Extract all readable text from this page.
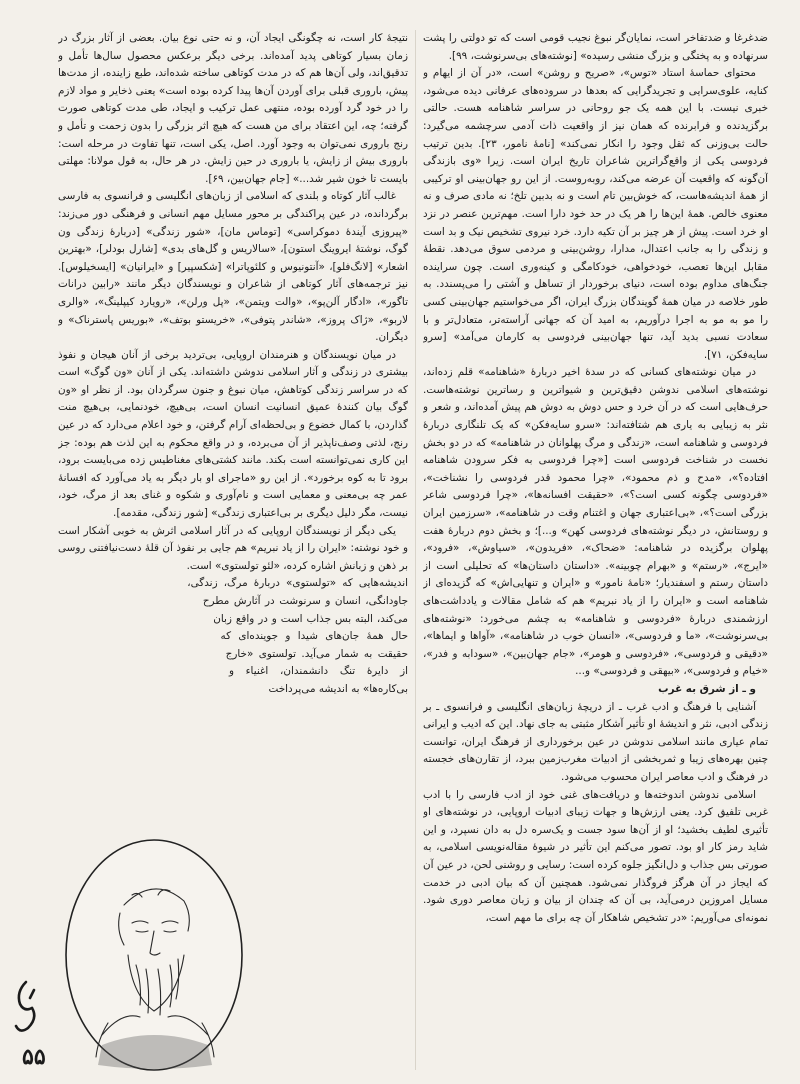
ضدغرغا و ضدتفاخر است، نمایان‌گر نبوغ نجیب قومی است که تو دولتی را پشت سرنهاده و به پختگی و بزرگ منشی رسیده» [نوشته‌های بی‌سرنوشت، ۹۹].

محتوای حماسهٔ استاد «توس»، «صریح و روشن» است، «در آن از ایهام و کنایه، علوی‌سرایی و تجریدگرایی که بعدها در سروده‌های عرفانی دیده می‌شود، خبری نیست. با این همه یک جو روحانی در سراسر شاهنامه هست. حالتی برگزیدنده و فرابرنده که همان نیز از واقعیت ذات آدمی سرچشمه می‌گیرد: حالت بی‌وزنی که ثقل وجود را انکار نمی‌کند» [نامهٔ نامور، ۲۳]. بدین ترتیب فردوسی یکی از واقع‌گراترین شاعران تاریخ ایران است. زیرا «وی بازندگی آن‌گونه که واقعیت آن عرضه می‌کند، روبه‌روست. از این رو جهان‌بینی او ترکیبی از همهٔ اندیشه‌هاست، که خوش‌بین تام است و نه بدبین تلخ؛ نه مادی صرف و نه معنوی خالص. همهٔ این‌ها را هر یک در حد خود دارا است. مهم‌ترین عنصر در نزد او خرد است. پیش از هر چیز بر آن تکیه دارد. خرد نیروی تشخیص نیک و بد است و زندگی را به جانب اعتدال، مدارا، روشن‌بینی و مردمی سوق می‌دهد. نقطهٔ مقابل این‌ها تعصب، خودخواهی، خودکامگی و کینه‌وری است. چون سراینده جنگ‌های مداوم بوده است، دنیای برخوردار از تساهل و آشتی را می‌پسندد. به طور خلاصه در میان همهٔ گویندگان بزرگ ایران، اگر می‌خواستیم جهان‌بینی کسی را مو به مو به اجرا درآوریم، به امید آن که جهانی آراسته‌تر، متعادل‌تر و با سعادت نسبی بدید آید، تنها جهان‌بینی فردوسی به کارمان می‌آمد» [سرو سایه‌فکن، ۷۱].

در میان نوشته‌های کسانی که در سدهٔ اخیر دربارهٔ «شاهنامه» قلم زده‌اند، نوشته‌های اسلامی ندوشن دقیق‌ترین و شیواترین و رساترین نوشته‌هاست. حرف‌هایی است که در آن خرد و حس دوش به دوش هم پیش آمده‌اند، و شعر و نثر به زیبایی به یاری هم شتافته‌اند: «سرو سایه‌فکن» که یک تلنگاری دربارهٔ فردوسی و شاهنامه است، «زندگی و مرگ پهلوانان در شاهنامه» که در دو بخش نخست در شناخت فردوسی است [«چرا فردوسی به فکر سرودن شاهنامه افتاده؟»، «مدح و ذم محمود»، «چرا محمود قدر فردوسی را نشناخت»، «فردوسی چگونه کسی است؟»، «حقیقت افسانه‌ها»، «چرا فردوسی شاعر بزرگی است؟»، «بی‌اعتباری جهان و اغتنام وقت در شاهنامه»، «سرزمین ایران و روستانش، در دیگر نوشته‌های فردوسی کهن» و...]؛ و بخش دوم دربارهٔ هفت پهلوان برگزیده در شاهنامه: «ضحاک»، «فریدون»، «سیاوش»، «فرود»، «ایرج»، «رستم» و «بهرام چوبینه». «داستان داستان‌ها» که تحلیلی است از داستان رستم و اسفندیار؛ «نامهٔ نامور» و «ایران و تنهایی‌اش» که گزیده‌ای از شاهنامه است و «ایران را از یاد نبریم» هم که شامل مقالات و یادداشت‌های ارزشمندی دربارهٔ «فردوسی و شاهنامه» به چشم می‌خورد: «نوشته‌های بی‌سرنوشت»، «ما و فردوسی»، «انسان خوب در شاهنامه»، «آواها و ایماها»، «دقیقی و فردوسی»، «فردوسی و هومر»، «جام جهان‌بین»، «سودابه و فدر»، «خیام و فردوسی»، «بیهقی و فردوسی» و...

و ـ از شرق به غرب

آشنایی با فرهنگ و ادب غرب ـ از دریچهٔ زبان‌های انگلیسی و فرانسوی ـ بر زندگی ادبی، نثر و اندیشهٔ او تأثیر آشکار مثبتی به جای نهاد. این که ادیب و ایرانی تمام عیاری مانند اسلامی ندوشن در عین برخورداری از فرهنگ ایران، توانست چنین بهره‌های زیبا و ثمربخشی از ادبیات مغرب‌زمین ببرد، از تقارن‌های خجسته در فرهنگ و ادب معاصر ایران محسوب می‌شود.

اسلامی ندوشن اندوخته‌ها و دریافت‌های غنی خود از ادب فارسی را با ادب غربی تلفیق کرد. یعنی ارزش‌ها و جهات زیبای ادبیات اروپایی، در نوشته‌های او تأثیری لطیف بخشید؛ او از آن‌ها سود جست و یک‌سره دل به دان نسپرد، و این شاید رمز کار او بود. تصور می‌کنم این تأثیر در شیوهٔ مقاله‌نویسی اسلامی، به صورتی بس جذاب و دل‌انگیز جلوه کرده است: رسایی و روشنی لحن، در عین آن که ایجاز در آن هرگز فروگذار نمی‌شود. همچنین آن که بیان ادبی در خدمت مسایل امروزین درمی‌آید، بی آن که چندان از بیان و زبان معاصر دوری شود. نمونه‌ای می‌آوریم: «در تشخیص شاهکار آن چه برای ما مهم است،

نتیجهٔ کار است، نه چگونگی ایجاد آن، و نه حتی نوع بیان. بعضی از آثار بزرگ در زمان بسیار کوتاهی پدید آمده‌اند. برخی دیگر برعکس محصول سال‌ها تأمل و تدقیق‌اند، ولی آن‌ها هم که در مدت کوتاهی ساخته شده‌اند، طبع زاینده، از مدت‌ها پیش، باروری قبلی برای آوردن آن‌ها پیدا کرده بوده است» یعنی ذخایر و مواد لازم را در خود گرد آورده بوده، منتهی عمل ترکیب و ایجاد، طی مدت کوتاهی صورت گرفته؛ چه، این اعتقاد برای من هست که هیچ اثر بزرگی را بدون زحمت و تأمل و رنج باروری نمی‌توان به وجود آورد. اصل، یکی است، تنها تفاوت در مرحله است: باروری بیش از زایش، یا باروری در حین زایش. در هر حال، به قول مولانا: مهلتی بایست تا خون شیر شد...» [جام جهان‌بین، ۶۹].

غالب آثار کوتاه و بلندی که اسلامی از زبان‌های انگلیسی و فرانسوی به فارسی برگردانده، در عین پراکندگی بر محور مسایل مهم انسانی و فرهنگی دور می‌زند: «پیروزی آیندهٔ دموکراسی» [توماس مان]، «شور زندگی» [دربارهٔ زندگی ون گوگ، نوشتهٔ ایروینگ استون]، «سالاریس و گل‌های بدی» [شارل بودلر]، «بهترین اشعار» [لانگ‌فلو]، «آنتونیوس و کلئوپاترا» [شکسپیر] و «ایرانیان» [ایسخیلوس]. نیز ترجمه‌های آثار کوتاهی از شاعران و نویسندگان دیگر مانند «رابین درانات تاگور»، «ادگار آلن‌پو»، «والت ویتمن»، «پل ورلن»، «رویارد کیپلینگ»، «والری لاربو»، «ژاک پروز»، «شاندر پتوفی»، «خریستو بوتف»، «بوریس پاسترناک» و دیگران.

در میان نویسندگان و هنرمندان اروپایی، بی‌تردید برخی از آنان هیجان و نفوذ بیشتری در زندگی و آثار اسلامی ندوشن داشته‌اند. یکی از آنان «ون گوگ» است که در سراسر زندگی کوتاهش، میان نبوغ و جنون سرگردان بود. از نظر او «ون گوگ بیان کنندهٔ عمیق انسانیت انسان است، بی‌هیچ، خودنمایی، بی‌هیچ منت گذاردن، با کمال خضوع و بی‌لحظه‌ای آرام گرفتن، و خود اعلام می‌دارد که در عین رنج، لذتی وصف‌ناپذیر از آن می‌برده، و در واقع محکوم به این لذت هم بوده: جز این کاری نمی‌توانسته است بکند. مانند کشتی‌های مغناطیس زده می‌بایست برود، برود تا به کوه برخورد». از این رو «ماجرای او بار دیگر به یاد می‌آورد که افسانهٔ عمر چه بی‌معنی و معمایی است و نام‌آوری و شکوه و غنای بعد از مرگ، خود، نیست، مگر دلیل دیگری بر بی‌اعتباری زندگی» [شور زندگی، مقدمه].

یکی دیگر از نویسندگان اروپایی که در آثار اسلامی اثرش به خوبی آشکار است و خود نوشته: «ایران را از یاد نبریم» هم جایی بر نفوذ آن قلهٔ دست‌نیافتنی روسی بر ذهن و زبانش اشاره کرده، «لئو تولستوی» است.

اندیشه‌هایی که «تولستوی» دربارهٔ مرگ، زندگی، جاودانگی، انسان و سرنوشت در آثارش مطرح می‌کند، البته بس جذاب است و در واقع زبان حال همهٔ جان‌های شیدا و جوینده‌ای که حقیقت به شمار می‌آید. تولستوی «خارج از دایرهٔ تنگ دانشمندان، اغنیاء و بی‌کاره‌ها» به اندیشه می‌پرداخت

۵۵
